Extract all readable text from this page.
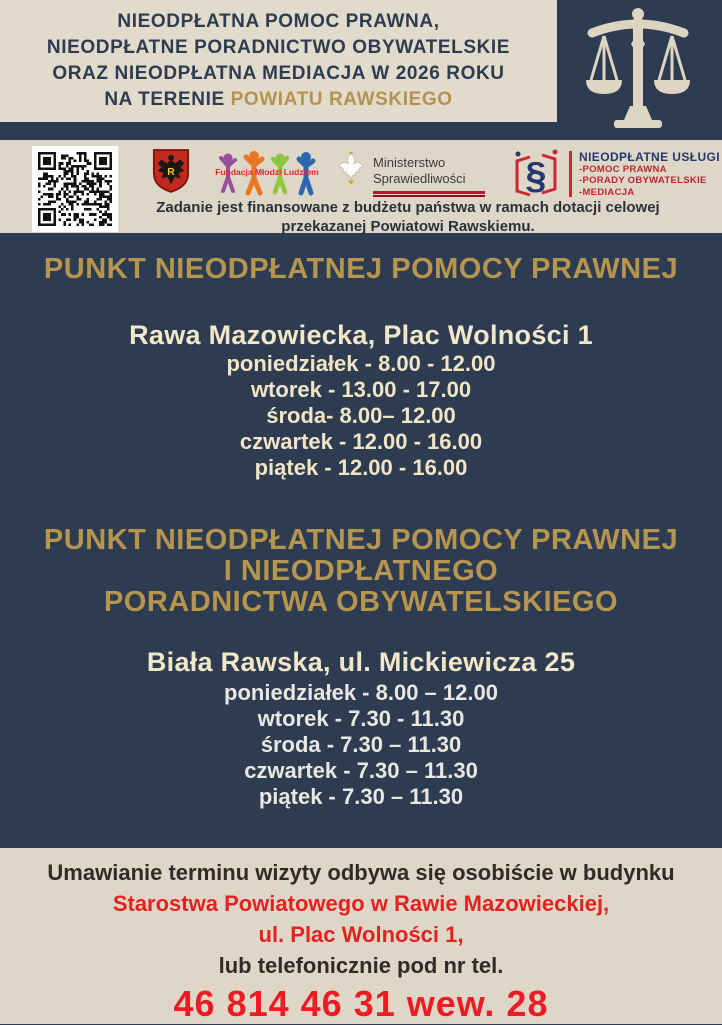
NIEODPŁATNA POMOC PRAWNA,
NIEODPŁATNE PORADNICTWO OBYWATELSKIE
ORAZ NIEODPŁATNA MEDIACJA W 2026 ROKU
NA TERENIE POWIATU RAWSKIEGO
R	Fundacja Młodzi Ludziom
Ministerstwo
Sprawiedliwości	§	NIEODPŁATNE USŁUGI
-POMOC PRAWNA
-PORADY OBYWATELSKIE
-MEDIACJA
Zadanie jest finansowane z budżetu państwa w ramach dotacji celowej
przekazanej Powiatowi Rawskiemu.
PUNKT NIEODPŁATNEJ POMOCY PRAWNEJ
Rawa Mazowiecka, Plac Wolności 1
poniedziałek - 8.00 - 12.00
wtorek - 13.00 - 17.00
środa- 8.00– 12.00
czwartek - 12.00 - 16.00
piątek - 12.00 - 16.00
PUNKT NIEODPŁATNEJ POMOCY PRAWNEJ
I NIEODPŁATNEGO
PORADNICTWA OBYWATELSKIEGO
Biała Rawska, ul. Mickiewicza 25
poniedziałek - 8.00 – 12.00
wtorek - 7.30 - 11.30
środa - 7.30 – 11.30
czwartek - 7.30 – 11.30
piątek - 7.30 – 11.30
Umawianie terminu wizyty odbywa się osobiście w budynku
Starostwa Powiatowego w Rawie Mazowieckiej,
ul. Plac Wolności 1,
lub telefonicznie pod nr tel.
46 814 46 31 wew. 28
